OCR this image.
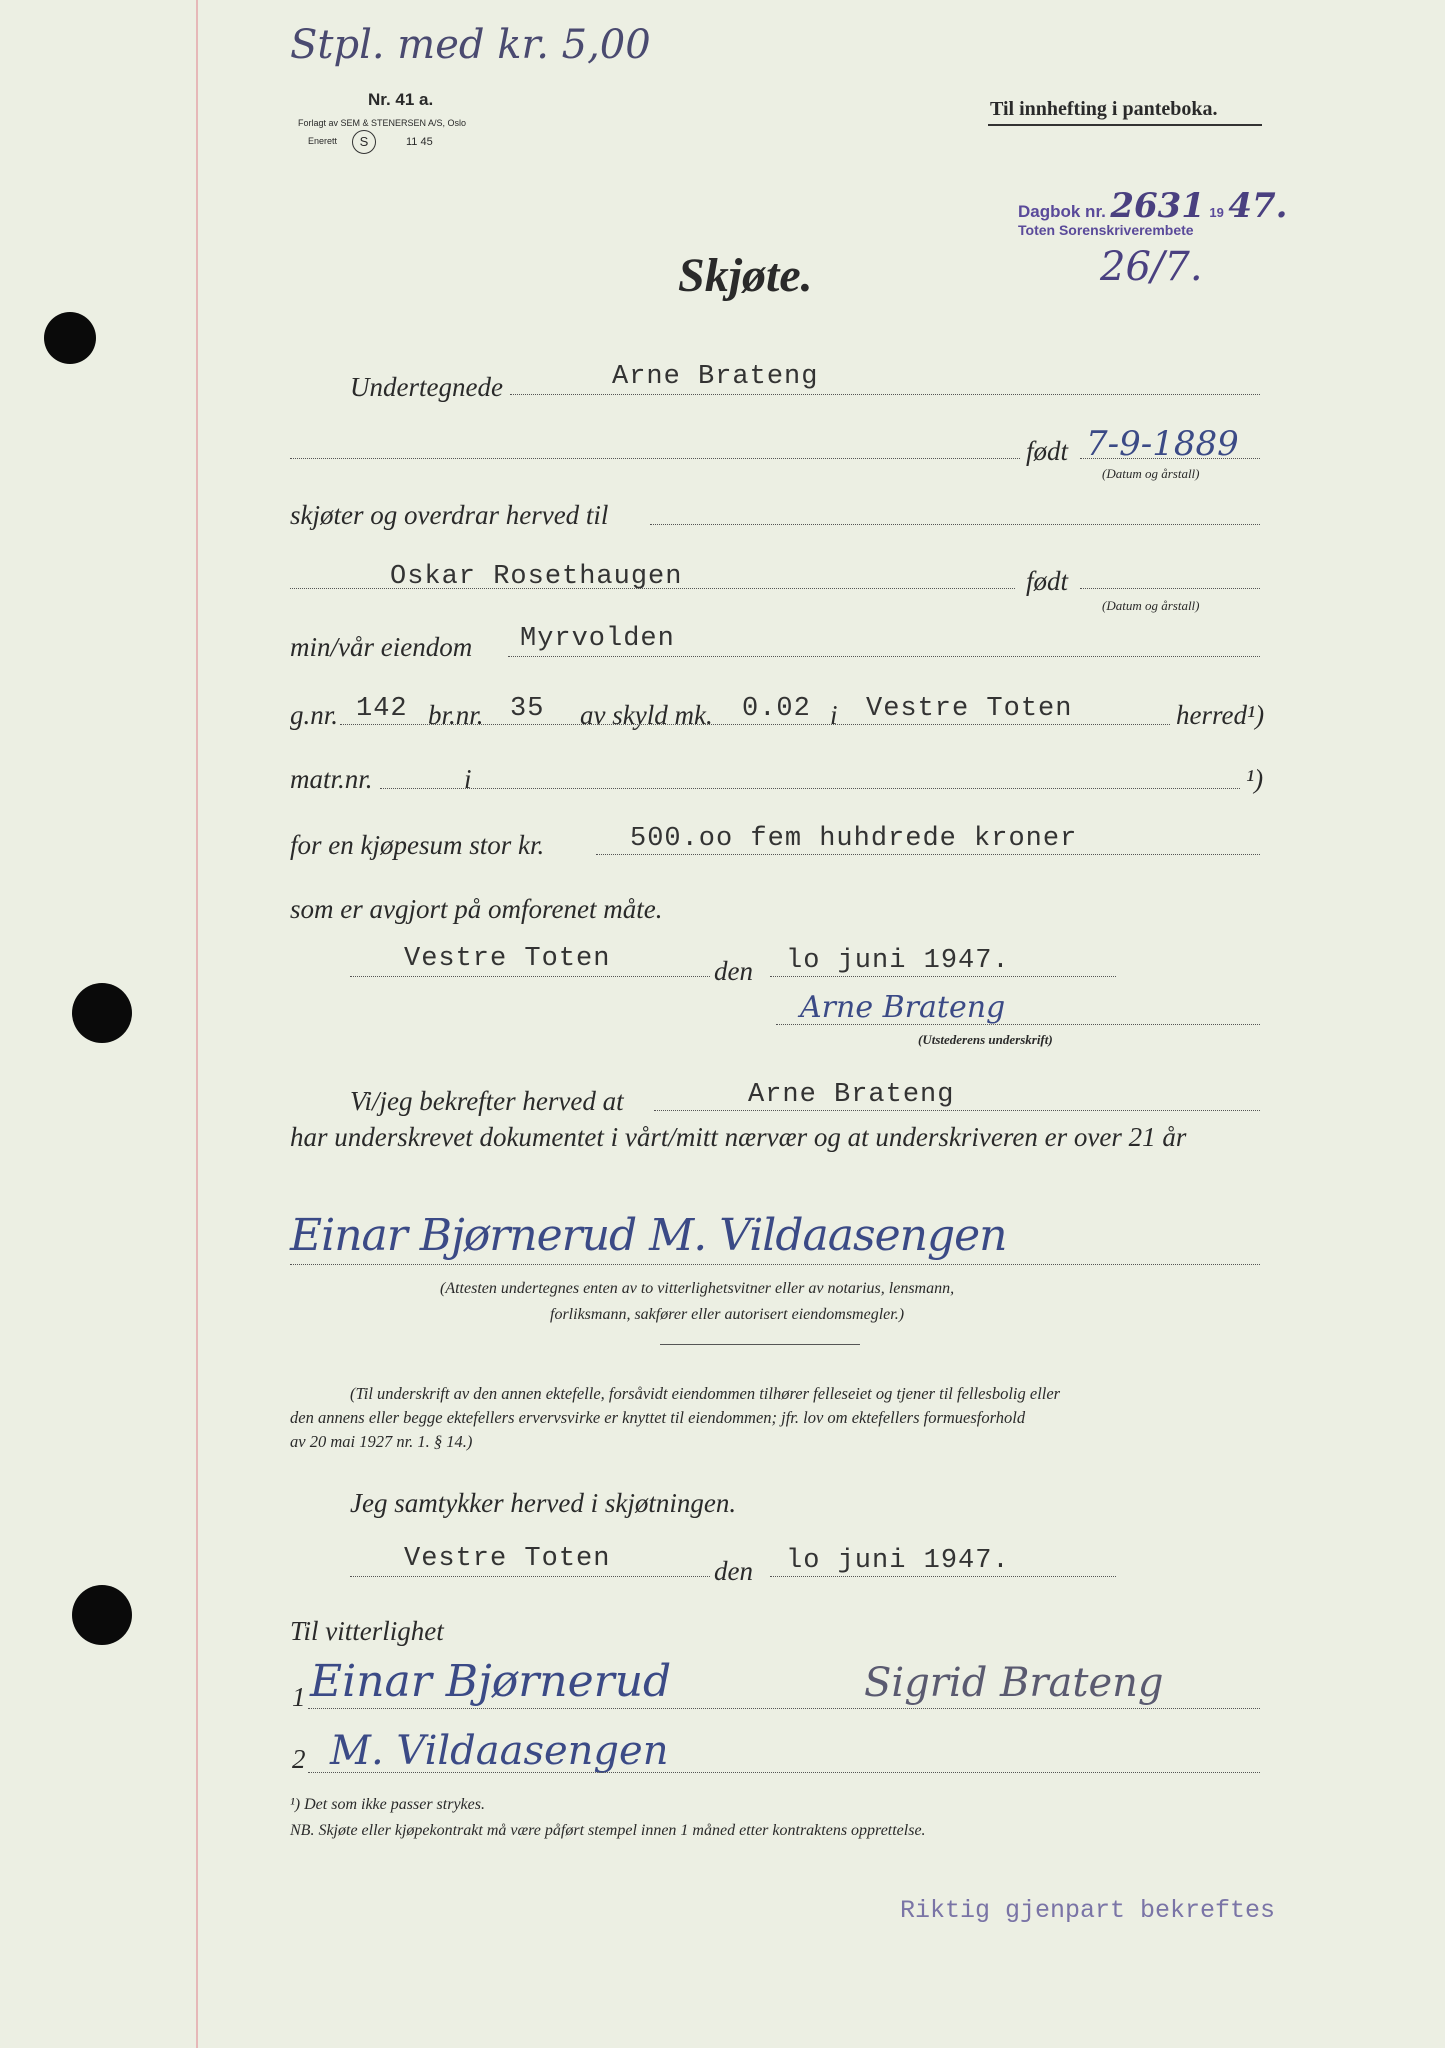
Stpl. med kr. 5,00
Nr. 41 a.
Forlagt av SEM & STENERSEN A/S, Oslo
Enerett	S	11 45
Til innhefting i panteboka.
Dagbok nr. 2631 19 47.
Toten Sorenskriverembete
26/7.
Skjøte.
Undertegnede	Arne Brateng
født 7-9-1889
(Datum og årstall)
skjøter og overdrar herved til
Oskar Rosethaugen	født
(Datum og årstall)
min/vår eiendom Myrvolden
g.nr. 142 br.nr. 35 av skyld mk. 0.02 i Vestre Toten	herred¹)
matr.nr.	i	¹)
for en kjøpesum stor kr.	500.oo fem huhdrede kroner
som er avgjort på omforenet måte.
Vestre Toten	den lo juni 1947.
Arne Brateng
(Utstederens underskrift)
Vi/jeg bekrefter herved at	Arne Brateng
har underskrevet dokumentet i vårt/mitt nærvær og at underskriveren er over 21 år
Einar Bjørnerud M. Vildaasengen
(Attesten undertegnes enten av to vitterlighetsvitner eller av notarius, lensmann,
forliksmann, sakfører eller autorisert eiendomsmegler.)
(Til underskrift av den annen ektefelle, forsåvidt eiendommen tilhører felleseiet og tjener til fellesbolig eller
den annens eller begge ektefellers ervervsvirke er knyttet til eiendommen; jfr. lov om ektefellers formuesforhold
av 20 mai 1927 nr. 1. § 14.)
Jeg samtykker herved i skjøtningen.
Vestre Toten	den lo juni 1947.
Til vitterlighet
1 Einar Bjørnerud	Sigrid Brateng
2 M. Vildaasengen
¹) Det som ikke passer strykes.
NB. Skjøte eller kjøpekontrakt må være påført stempel innen 1 måned etter kontraktens opprettelse.
Riktig gjenpart bekreftes
